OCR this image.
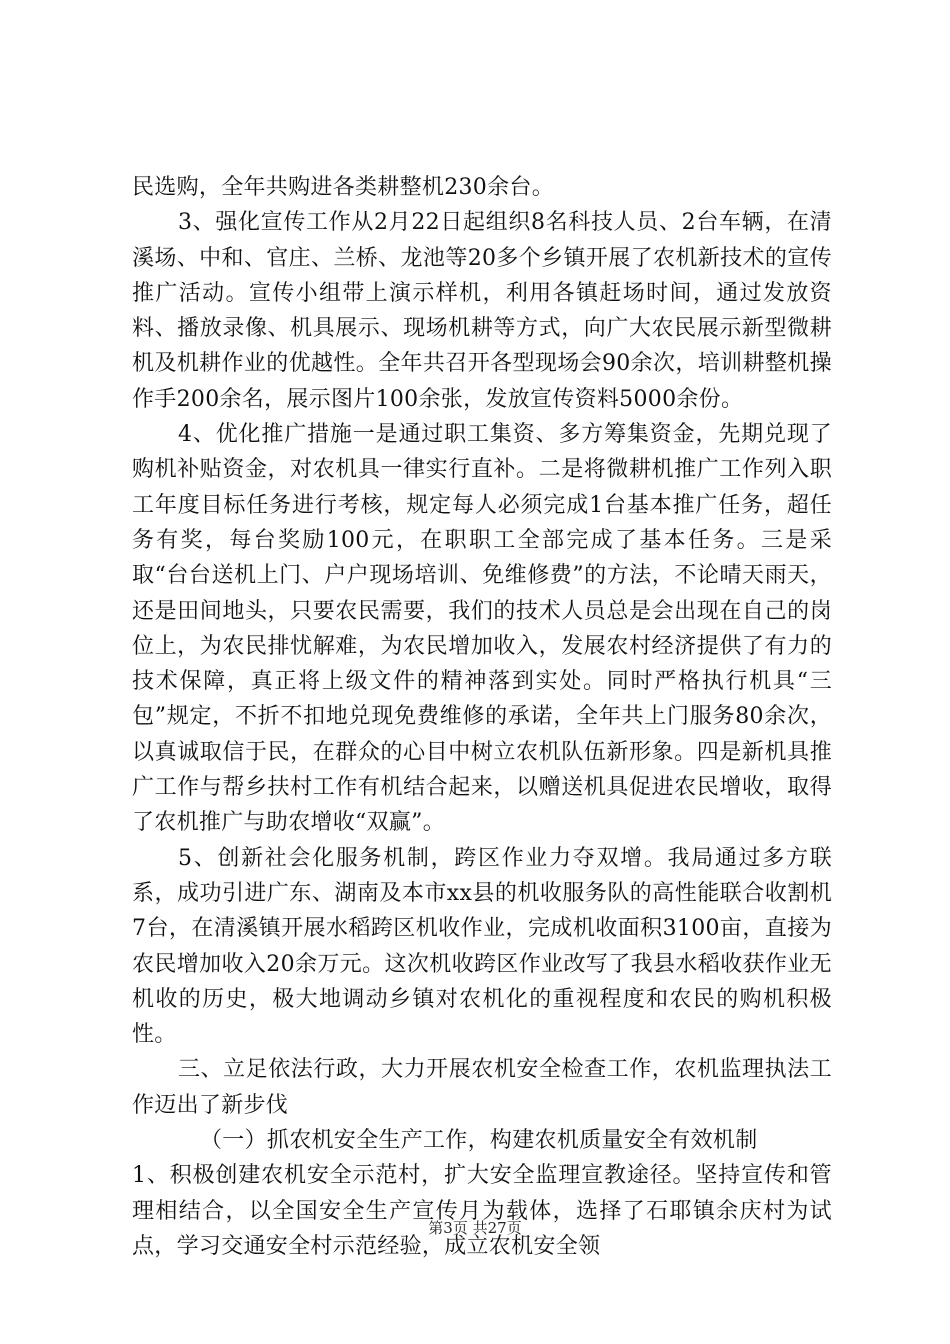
民选购，全年共购进各类耕整机230余台。

3、强化宣传工作从2月22日起组织8名科技人员、2台车辆，在清溪场、中和、官庄、兰桥、龙池等20多个乡镇开展了农机新技术的宣传推广活动。宣传小组带上演示样机，利用各镇赶场时间，通过发放资料、播放录像、机具展示、现场机耕等方式，向广大农民展示新型微耕机及机耕作业的优越性。全年共召开各型现场会90余次，培训耕整机操作手200余名，展示图片100余张，发放宣传资料5000余份。

4、优化推广措施一是通过职工集资、多方筹集资金，先期兑现了购机补贴资金，对农机具一律实行直补。二是将微耕机推广工作列入职工年度目标任务进行考核，规定每人必须完成1台基本推广任务，超任务有奖，每台奖励100元，在职职工全部完成了基本任务。三是采取“台台送机上门、户户现场培训、免维修费”的方法，不论晴天雨天，还是田间地头，只要农民需要，我们的技术人员总是会出现在自己的岗位上，为农民排忧解难，为农民增加收入，发展农村经济提供了有力的技术保障，真正将上级文件的精神落到实处。同时严格执行机具“三包”规定，不折不扣地兑现免费维修的承诺，全年共上门服务80余次，以真诚取信于民，在群众的心目中树立农机队伍新形象。四是新机具推广工作与帮乡扶村工作有机结合起来，以赠送机具促进农民增收，取得了农机推广与助农增收“双赢”。

5、创新社会化服务机制，跨区作业力夺双增。我局通过多方联系，成功引进广东、湖南及本市xx县的机收服务队的高性能联合收割机7台，在清溪镇开展水稻跨区机收作业，完成机收面积3100亩，直接为农民增加收入20余万元。这次机收跨区作业改写了我县水稻收获作业无机收的历史，极大地调动乡镇对农机化的重视程度和农民的购机积极性。

三、立足依法行政，大力开展农机安全检查工作，农机监理执法工作迈出了新步伐

（一）抓农机安全生产工作，构建农机质量安全有效机制

1、积极创建农机安全示范村，扩大安全监理宣教途径。坚持宣传和管理相结合，以全国安全生产宣传月为载体，选择了石耶镇余庆村为试点，学习交通安全村示范经验，成立农机安全领

第3页 共27页
